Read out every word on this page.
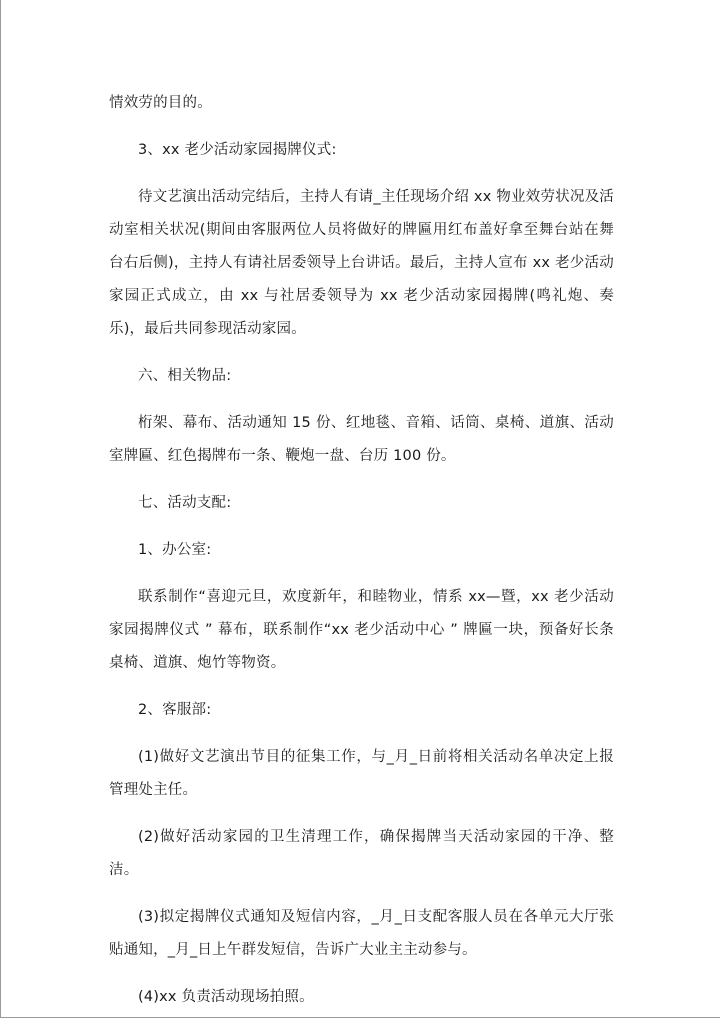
情效劳的目的。

3、xx 老少活动家园揭牌仪式:

待文艺演出活动完结后，主持人有请_主任现场介绍 xx 物业效劳状况及活动室相关状况(期间由客服两位人员将做好的牌匾用红布盖好拿至舞台站在舞台右后侧)，主持人有请社居委领导上台讲话。最后，主持人宣布 xx 老少活动家园正式成立，由 xx 与社居委领导为 xx 老少活动家园揭牌(鸣礼炮、奏乐)，最后共同参现活动家园。

六、相关物品:

桁架、幕布、活动通知 15 份、红地毯、音箱、话筒、桌椅、道旗、活动室牌匾、红色揭牌布一条、鞭炮一盘、台历 100 份。

七、活动支配:

1、办公室:

联系制作“喜迎元旦，欢度新年，和睦物业，情系 xx—暨，xx 老少活动家园揭牌仪式 ” 幕布，联系制作“xx 老少活动中心 ” 牌匾一块，预备好长条桌椅、道旗、炮竹等物资。

2、客服部:

(1)做好文艺演出节目的征集工作，与_月_日前将相关活动名单决定上报管理处主任。

(2)做好活动家园的卫生清理工作，确保揭牌当天活动家园的干净、整洁。

(3)拟定揭牌仪式通知及短信内容，_月_日支配客服人员在各单元大厅张贴通知，_月_日上午群发短信，告诉广大业主主动参与。

(4)xx 负责活动现场拍照。
